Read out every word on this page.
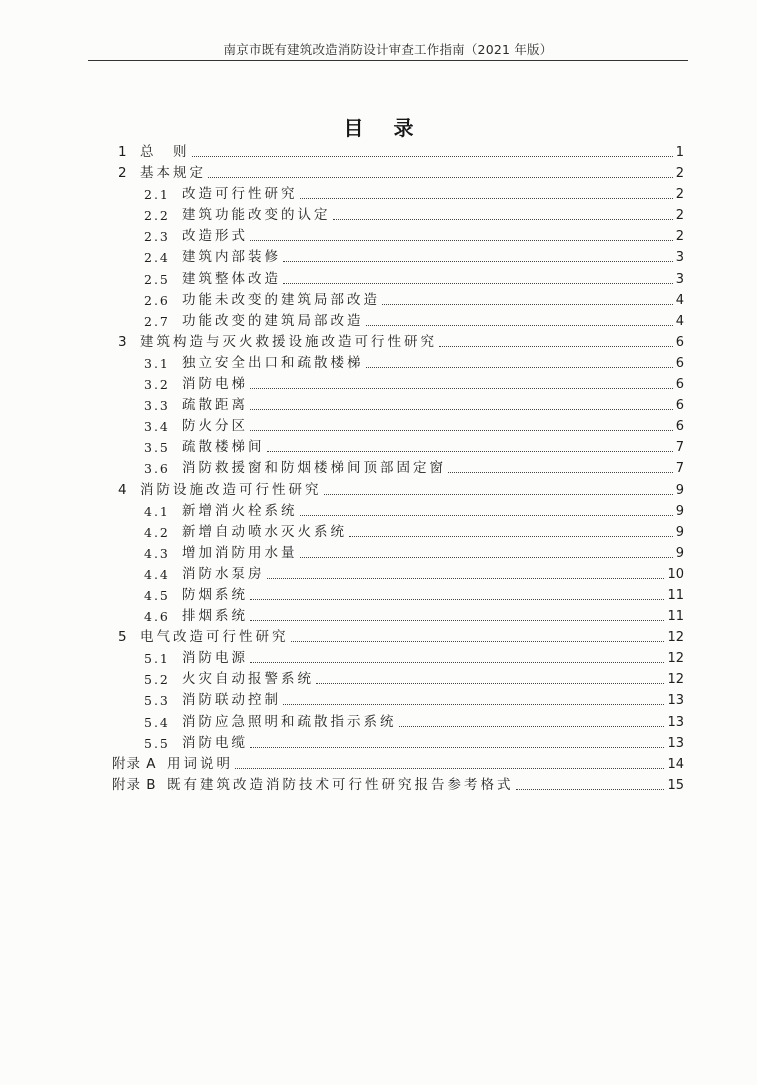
南京市既有建筑改造消防设计审查工作指南（2021 年版）
目录
1 总　则	1
2 基本规定	2
2.1 改造可行性研究	2
2.2 建筑功能改变的认定	2
2.3 改造形式	2
2.4 建筑内部装修	3
2.5 建筑整体改造	3
2.6 功能未改变的建筑局部改造	4
2.7 功能改变的建筑局部改造	4
3 建筑构造与灭火救援设施改造可行性研究	6
3.1 独立安全出口和疏散楼梯	6
3.2 消防电梯	6
3.3 疏散距离	6
3.4 防火分区	6
3.5 疏散楼梯间	7
3.6 消防救援窗和防烟楼梯间顶部固定窗	7
4 消防设施改造可行性研究	9
4.1 新增消火栓系统	9
4.2 新增自动喷水灭火系统	9
4.3 增加消防用水量	9
4.4 消防水泵房	10
4.5 防烟系统	11
4.6 排烟系统	11
5 电气改造可行性研究	12
5.1 消防电源	12
5.2 火灾自动报警系统	12
5.3 消防联动控制	13
5.4 消防应急照明和疏散指示系统	13
5.5 消防电缆	13
附录 A 用词说明	14
附录 B 既有建筑改造消防技术可行性研究报告参考格式	15
